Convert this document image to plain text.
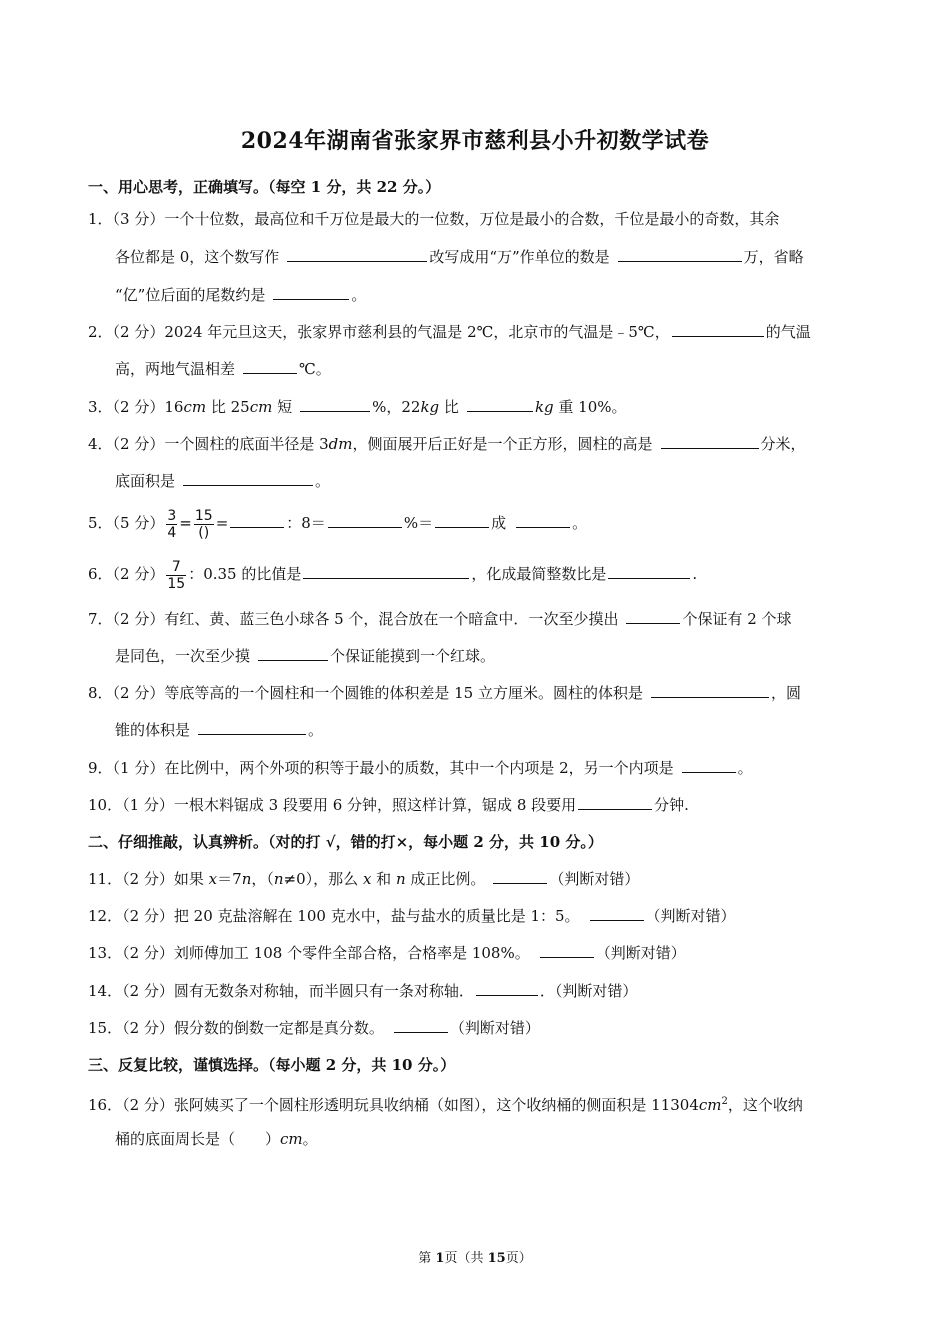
2024年湖南省张家界市慈利县小升初数学试卷
一、用心思考，正确填写。（每空 1 分，共 22 分。）
1．（3 分）一个十位数，最高位和千万位是最大的一位数，万位是最小的合数，千位是最小的奇数，其余
各位都是 0，这个数写作	改写成用“万”作单位的数是	万，省略
“亿”位后面的尾数约是	。
2．（2 分）2024 年元旦这天，张家界市慈利县的气温是 2℃，北京市的气温是﹣5℃，	的气温
高，两地气温相差	℃。
3．（2 分）16cm 比 25cm 短	%，22kg 比	kg 重 10%。
4．（2 分）一个圆柱的底面半径是 3dm，侧面展开后正好是一个正方形，圆柱的高是	分米，
底面积是	。
5．（5 分） $\frac{3}{4} = \frac{15}{()}$ =	：8＝	%＝	成	。
6．（2 分） $\frac{7}{15}$ ：0.35 的比值是	，化成最简整数比是	.
7．（2 分）有红、黄、蓝三色小球各 5 个，混合放在一个暗盒中．一次至少摸出	个保证有 2 个球
是同色，一次至少摸	个保证能摸到一个红球。
8．（2 分）等底等高的一个圆柱和一个圆锥的体积差是 15 立方厘米。圆柱的体积是	，圆
锥的体积是	。
9．（1 分）在比例中，两个外项的积等于最小的质数，其中一个内项是 2，另一个内项是	。
10．（1 分）一根木料锯成 3 段要用 6 分钟，照这样计算，锯成 8 段要用	分钟.
二、仔细推敲，认真辨析。（对的打 √，错的打×，每小题 2 分，共 10 分。）
11．（2 分）如果 x＝7n，（n≠0），那么 x 和 n 成正比例。	（判断对错）
12．（2 分）把 20 克盐溶解在 100 克水中，盐与盐水的质量比是 1：5。	（判断对错）
13．（2 分）刘师傅加工 108 个零件全部合格，合格率是 108%。	（判断对错）
14．（2 分）圆有无数条对称轴，而半圆只有一条对称轴．	．（判断对错）
15．（2 分）假分数的倒数一定都是真分数。	（判断对错）
三、反复比较，谨慎选择。（每小题 2 分，共 10 分。）
16．（2 分）张阿姨买了一个圆柱形透明玩具收纳桶（如图），这个收纳桶的侧面积是 $11304cm^2$，这个收纳
桶的底面周长是（　　）cm。
第 1页（共 15页）
